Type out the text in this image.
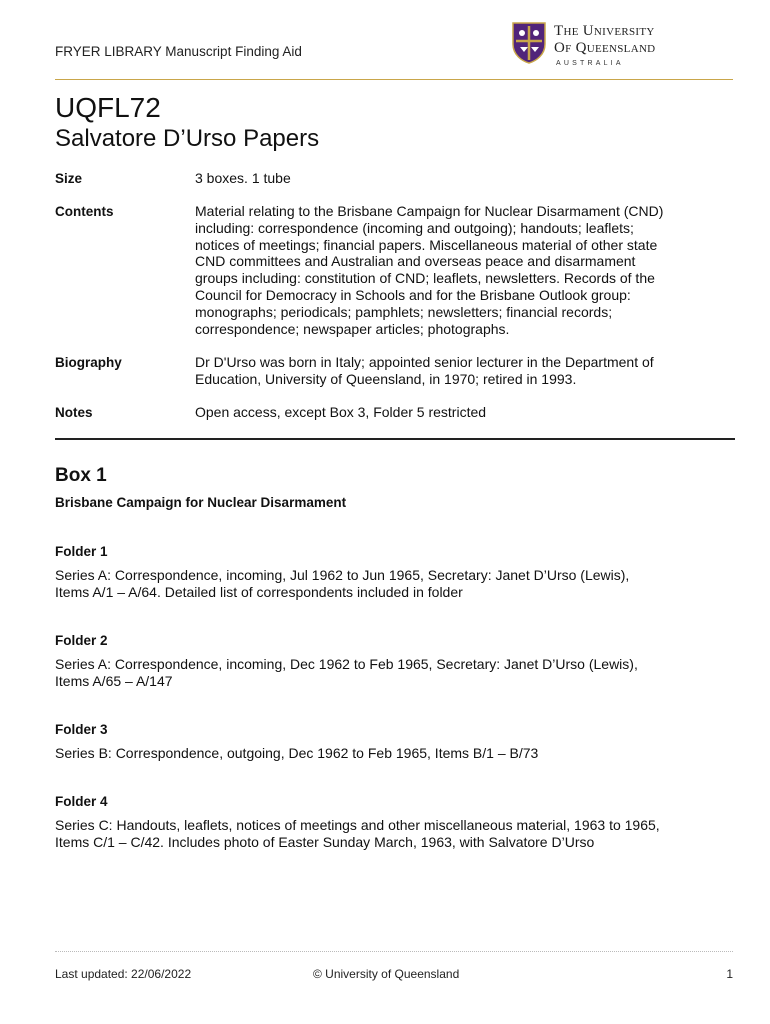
FRYER LIBRARY Manuscript Finding Aid
The University
Of Queensland
AUSTRALIA
UQFL72
Salvatore D’Urso Papers
Size	3 boxes. 1 tube
Contents	Material relating to the Brisbane Campaign for Nuclear Disarmament (CND)
including: correspondence (incoming and outgoing); handouts; leaflets;
notices of meetings; financial papers. Miscellaneous material of other state
CND committees and Australian and overseas peace and disarmament
groups including: constitution of CND; leaflets, newsletters. Records of the
Council for Democracy in Schools and for the Brisbane Outlook group:
monographs; periodicals; pamphlets; newsletters; financial records;
correspondence; newspaper articles; photographs.
Biography	Dr D'Urso was born in Italy; appointed senior lecturer in the Department of
Education, University of Queensland, in 1970; retired in 1993.
Notes	Open access, except Box 3, Folder 5 restricted
Box 1
Brisbane Campaign for Nuclear Disarmament
Folder 1
Series A: Correspondence, incoming, Jul 1962 to Jun 1965, Secretary: Janet D’Urso (Lewis),
Items A/1 – A/64. Detailed list of correspondents included in folder
Folder 2
Series A: Correspondence, incoming, Dec 1962 to Feb 1965, Secretary: Janet D’Urso (Lewis),
Items A/65 – A/147
Folder 3
Series B: Correspondence, outgoing, Dec 1962 to Feb 1965, Items B/1 – B/73
Folder 4
Series C: Handouts, leaflets, notices of meetings and other miscellaneous material, 1963 to 1965,
Items C/1 – C/42. Includes photo of Easter Sunday March, 1963, with Salvatore D’Urso
Last updated: 22/06/2022	© University of Queensland	1
